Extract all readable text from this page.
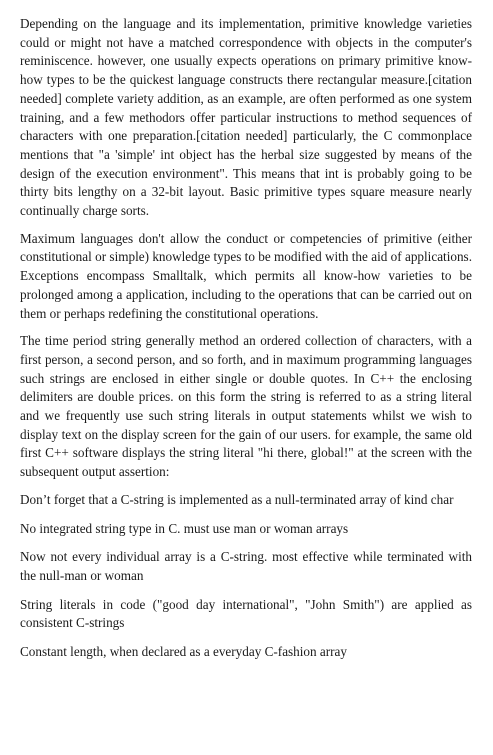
Depending on the language and its implementation, primitive knowledge varieties could or might not have a matched correspondence with objects in the computer's reminiscence. however, one usually expects operations on primary primitive know-how types to be the quickest language constructs there rectangular measure.[citation needed] complete variety addition, as an example, are often performed as one system training, and a few methodors offer particular instructions to method sequences of characters with one preparation.[citation needed] particularly, the C commonplace mentions that "a 'simple' int object has the herbal size suggested by means of the design of the execution environment". This means that int is probably going to be thirty bits lengthy on a 32-bit layout. Basic primitive types square measure nearly continually charge sorts.

Maximum languages don't allow the conduct or competencies of primitive (either constitutional or simple) knowledge types to be modified with the aid of applications. Exceptions encompass Smalltalk, which permits all know-how varieties to be prolonged among a application, including to the operations that can be carried out on them or perhaps redefining the constitutional operations.

The time period string generally method an ordered collection of characters, with a first person, a second person, and so forth, and in maximum programming languages such strings are enclosed in either single or double quotes. In C++ the enclosing delimiters are double prices. on this form the string is referred to as a string literal and we frequently use such string literals in output statements whilst we wish to display text on the display screen for the gain of our users. for example, the same old first C++ software displays the string literal "hi there, global!" at the screen with the subsequent output assertion:

Don’t forget that a C-string is implemented as a null-terminated array of kind char

No integrated string type in C. must use man or woman arrays

Now not every individual array is a C-string. most effective while terminated with the null-man or woman

String literals in code ("good day international", "John Smith") are applied as consistent C-strings

Constant length, when declared as a everyday C-fashion array
